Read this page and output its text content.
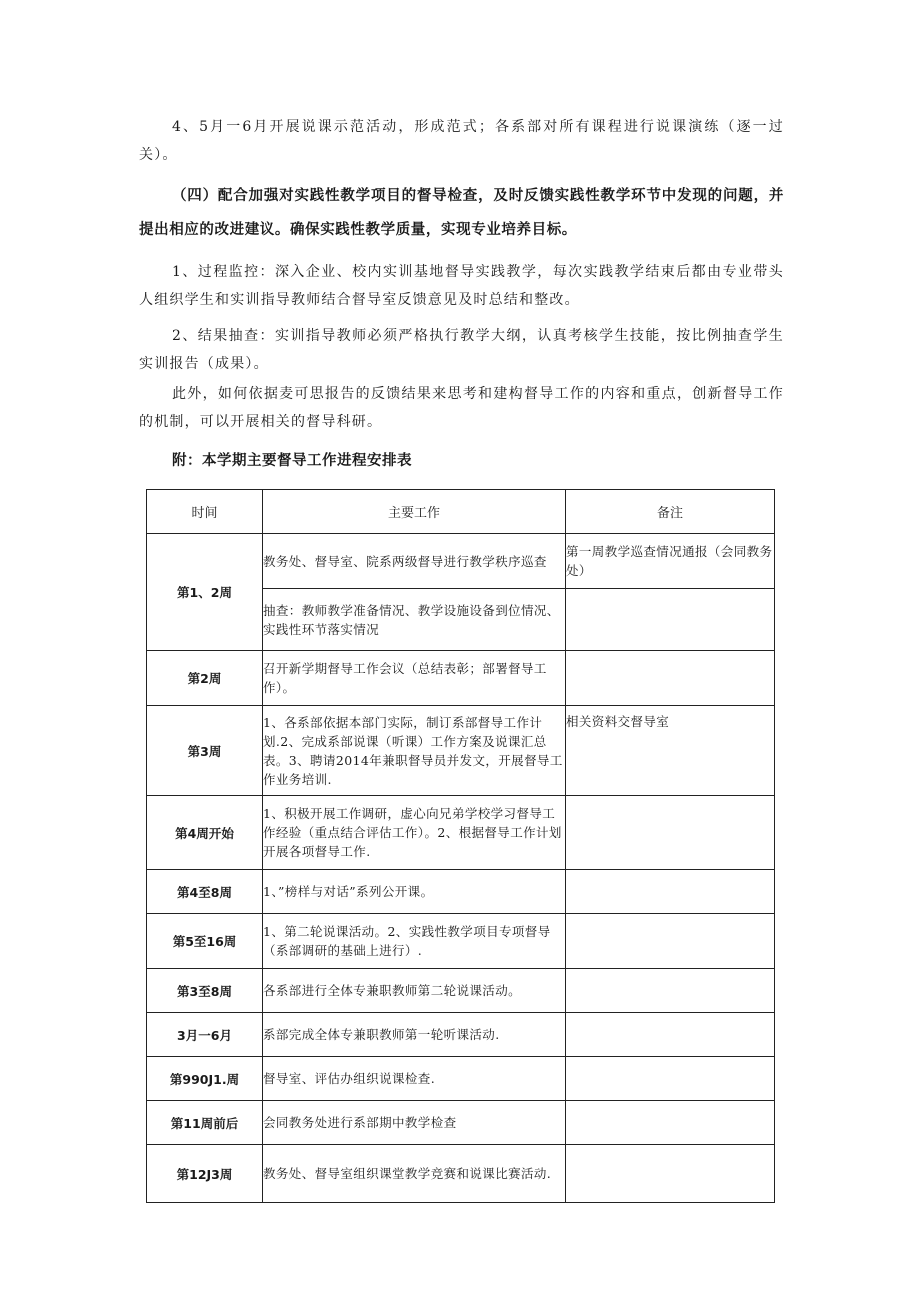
4、5月一6月开展说课示范活动，形成范式；各系部对所有课程进行说课演练（逐一过关）。

（四）配合加强对实践性教学项目的督导检查，及时反馈实践性教学环节中发现的问题，并提出相应的改进建议。确保实践性教学质量，实现专业培养目标。

1、过程监控：深入企业、校内实训基地督导实践教学，每次实践教学结束后都由专业带头人组织学生和实训指导教师结合督导室反馈意见及时总结和整改。

2、结果抽查：实训指导教师必须严格执行教学大纲，认真考核学生技能，按比例抽查学生实训报告（成果）。

此外，如何依据麦可思报告的反馈结果来思考和建构督导工作的内容和重点，创新督导工作的机制，可以开展相关的督导科研。

附：本学期主要督导工作进程安排表
时间	主要工作	备注
第1、2周	教务处、督导室、院系两级督导进行教学秩序巡查	第一周教学巡查情况通报（会同教务处）
	抽查：教师教学准备情况、教学设施设备到位情况、实践性环节落实情况	
第2周	召开新学期督导工作会议（总结表彰；部署督导工作）。	
第3周	1、各系部依据本部门实际，制订系部督导工作计划.2、完成系部说课（听课）工作方案及说课汇总表。3、聘请2014年兼职督导员并发文，开展督导工作业务培训.	相关资料交督导室
第4周开始	1、积极开展工作调研，虚心向兄弟学校学习督导工作经验（重点结合评估工作）。2、根据督导工作计划开展各项督导工作.	
第4至8周	1、”榜样与对话”系列公开课。	
第5至16周	1、第二轮说课活动。2、实践性教学项目专项督导（系部调研的基础上进行）.	
第3至8周	各系部进行全体专兼职教师第二轮说课活动。	
3月一6月	系部完成全体专兼职教师第一轮听课活动.	
第990J1.周	督导室、评估办组织说课检查.	
第11周前后	会同教务处进行系部期中教学检查	
第12J3周	教务处、督导室组织课堂教学竞赛和说课比赛活动.	
